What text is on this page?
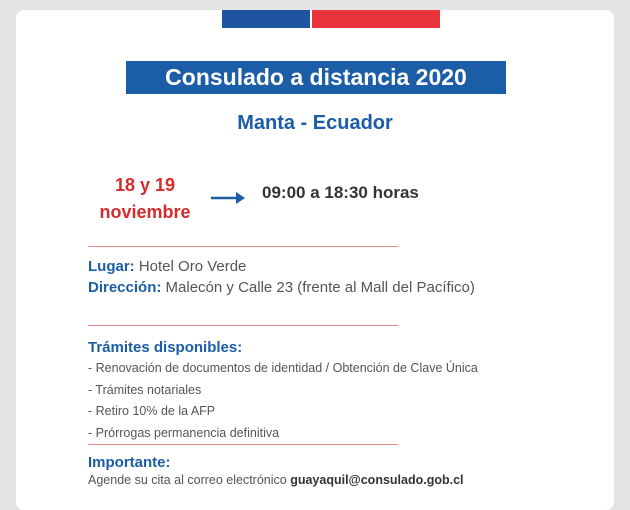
Consulado a distancia 2020
Manta - Ecuador
18 y 19
noviembre
09:00 a 18:30 horas
Lugar: Hotel Oro Verde
Dirección: Malecón y Calle 23 (frente al Mall del Pacífico)
Trámites disponibles:
- Renovación de documentos de identidad / Obtención de Clave Única
- Trámites notariales
- Retiro 10% de la AFP
- Prórrogas permanencia definitiva
Importante:
Agende su cita al correo electrónico guayaquil@consulado.gob.cl
